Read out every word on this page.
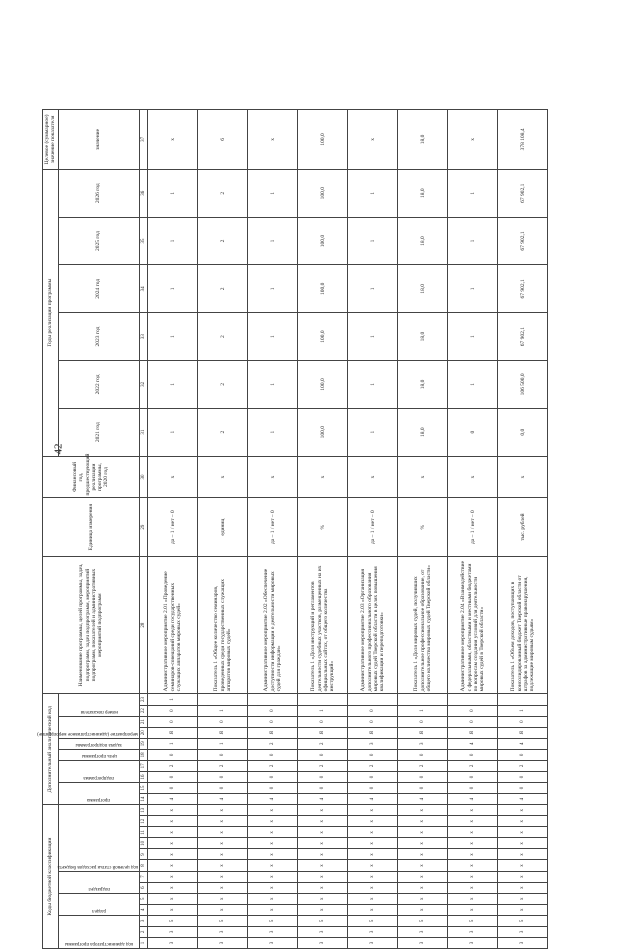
42
Коды бюджетной классификации													Дополнительный аналитический код										Наименование программы, целей программы, задач, подпрограмм, задач подпрограмм, мероприятий подпрограмм, показателей и административных мероприятий подпрограмм	Единица измерения	Финансовый год, предшествующий реализации программы, 2020 год	Годы реализации программы						Целевое (суммарное) значение показателя

код администратора программы			раздел		подраздел		код целевой статьи расходов бюджета						программа		подпрограмма		цель программы	задача подпрограммы	мероприятие (административное мероприятие)		номер показателя					2021 год	2022 год	2023 год	2024 год	2025 год	2026 год	значение
1	2	3	4	5	6	7	8	9	10	11	12	13	14	15	16	17	18	19	20	21	22	23	28	29	30	31	32	33	34	35	36	37
3	3	5	х	х	х	х	х	х	х	х	х	х	4	0	0	2	0	1	Я	0	0	1	Административное мероприятие 2.01 «Проведение семинаров-совещаний среди государственных служащих аппаратов мировых судей»	да – 1 / нет – 0	х	1	1	1	1	1	1	х
3	3	5	х	х	х	х	х	х	х	х	х	х	4	0	0	2	0	1	Я	0	1		Показатель 1 «Общее количество семинаров, проведенных среди государственных служащих аппаратов мировых судей»	единиц	х	2	2	2	2	2	2	6
3	3	5	х	х	х	х	х	х	х	х	х	х	4	0	0	2	0	2	Я	0	0		Административное мероприятие 2.02 «Обеспечение доступности информации о деятельности мировых судей для граждан»	да – 1 / нет – 0	х	1	1	1	1	1	1	х
3	3	5	х	х	х	х	х	х	х	х	х	х	4	0	0	2	0	2	Я	0	1		Показатель 1 «Доля инструкций и регламентов деятельности судебных участков, размещенных на их официальных сайтах, от общего количества инструкций»	%	х	100,0	100,0	100,0	100,0	100,0	100,0	100,0
3	3	5	х	х	х	х	х	х	х	х	х	х	4	0	0	2	0	3	Я	0	0		Административное мероприятие 2.03 «Организация дополнительного профессионального образования мировых судей Тверской области в целях повышения квалификации и переподготовки»	да – 1 / нет – 0	х	1	1	1	1	1	1	х
3	3	5	х	х	х	х	х	х	х	х	х	х	4	0	0	2	0	3	Я	0	1		Показатель 1 «Доля мировых судей, получивших дополнительное профессиональное образование, от общего количества мировых судей Тверской области»	%	х	18,0	18,0	18,0	18,0	18,0	18,0	18,0
3	3	5	х	х	х	х	х	х	х	х	х	х	4	0	0	2	0	4	Я	0	0		Административное мероприятие 2.04 «Взаимодействие с федеральными, областными и местными бюджетами по вопросам создания условий для деятельности мировых судей в Тверской области»	да – 1 / нет – 0	х	0	1	1	1	1	1	х
3	3	5	х	х	х	х	х	х	х	х	х	х	4	0	0	2	0	4	Я	0	1		Показатель 1 «Объем доходов, поступающих в консолидированный бюджет Тверской области от штрафов за административные правонарушения, подлежащие мировым судьям»	тыс. рублей	х	0,0	106 500,0	67 902,1	67 902,1	67 902,1	67 902,1	378 108,4
